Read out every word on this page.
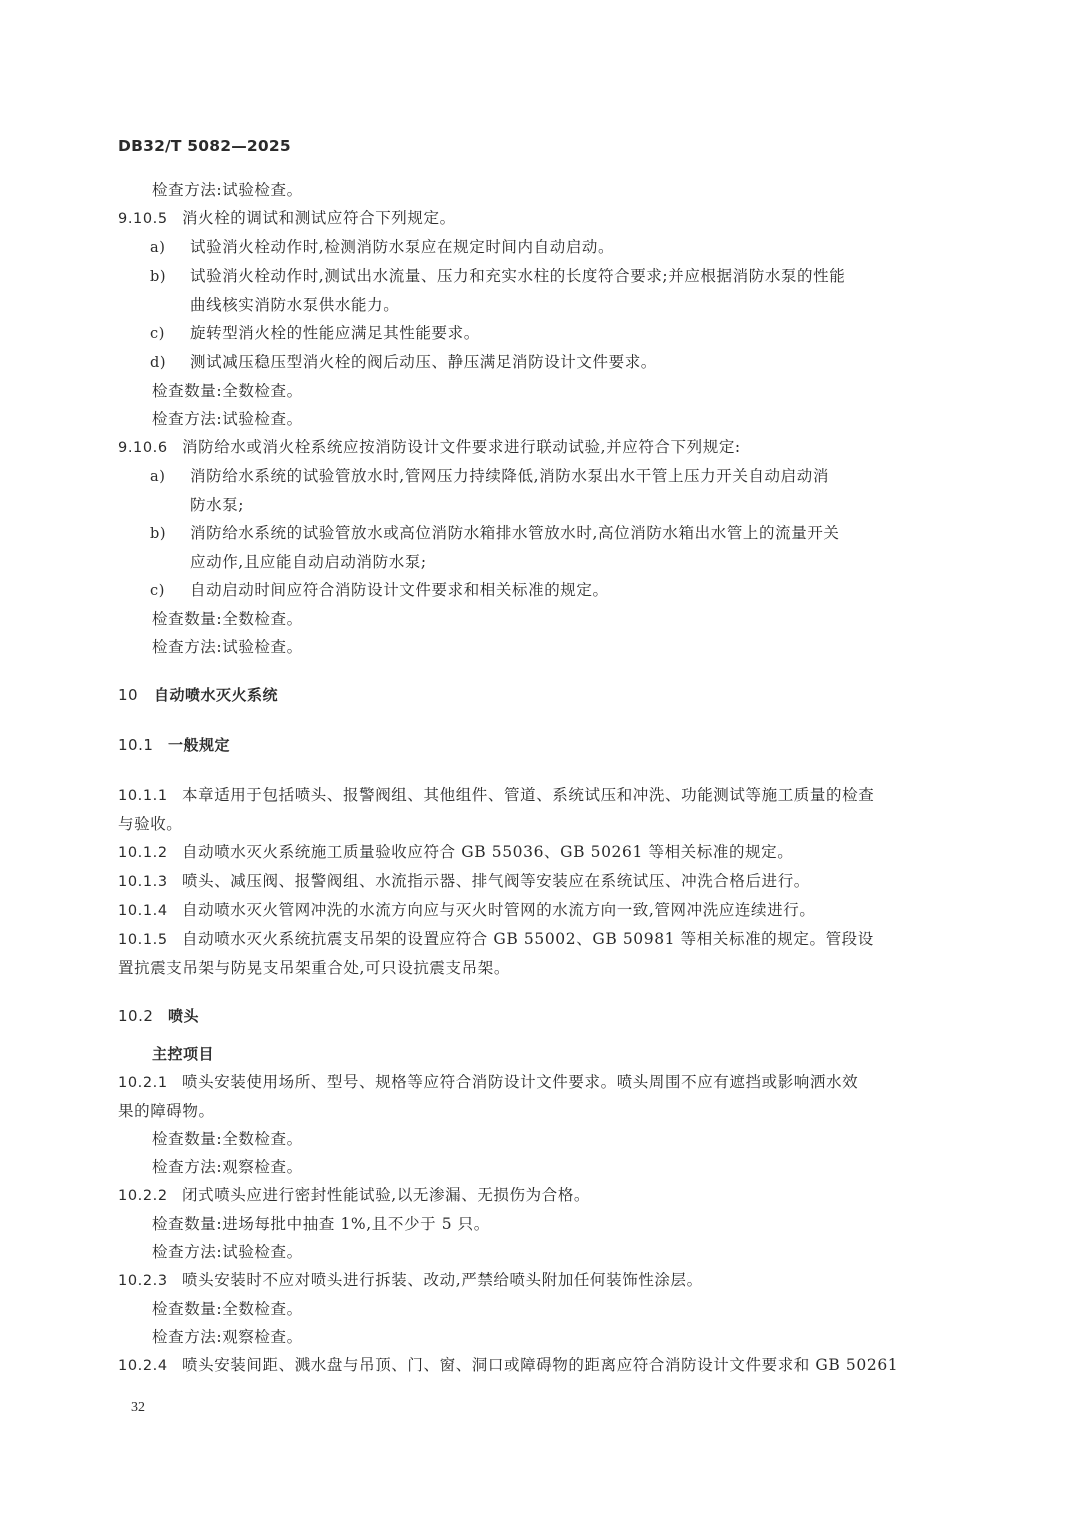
DB32/T 5082—2025
检查方法:试验检查。
9.10.5 消火栓的调试和测试应符合下列规定。
a) 试验消火栓动作时,检测消防水泵应在规定时间内自动启动。
b) 试验消火栓动作时,测试出水流量、压力和充实水柱的长度符合要求;并应根据消防水泵的性能
曲线核实消防水泵供水能力。
c) 旋转型消火栓的性能应满足其性能要求。
d) 测试减压稳压型消火栓的阀后动压、静压满足消防设计文件要求。
检查数量:全数检查。
检查方法:试验检查。
9.10.6 消防给水或消火栓系统应按消防设计文件要求进行联动试验,并应符合下列规定:
a) 消防给水系统的试验管放水时,管网压力持续降低,消防水泵出水干管上压力开关自动启动消
防水泵;
b) 消防给水系统的试验管放水或高位消防水箱排水管放水时,高位消防水箱出水管上的流量开关
应动作,且应能自动启动消防水泵;
c) 自动启动时间应符合消防设计文件要求和相关标准的规定。
检查数量:全数检查。
检查方法:试验检查。
10 自动喷水灭火系统
10.1 一般规定
10.1.1 本章适用于包括喷头、报警阀组、其他组件、管道、系统试压和冲洗、功能测试等施工质量的检查
与验收。
10.1.2 自动喷水灭火系统施工质量验收应符合 GB 55036、GB 50261 等相关标准的规定。
10.1.3 喷头、减压阀、报警阀组、水流指示器、排气阀等安装应在系统试压、冲洗合格后进行。
10.1.4 自动喷水灭火管网冲洗的水流方向应与灭火时管网的水流方向一致,管网冲洗应连续进行。
10.1.5 自动喷水灭火系统抗震支吊架的设置应符合 GB 55002、GB 50981 等相关标准的规定。管段设
置抗震支吊架与防晃支吊架重合处,可只设抗震支吊架。
10.2 喷头
主控项目
10.2.1 喷头安装使用场所、型号、规格等应符合消防设计文件要求。喷头周围不应有遮挡或影响洒水效
果的障碍物。
检查数量:全数检查。
检查方法:观察检查。
10.2.2 闭式喷头应进行密封性能试验,以无渗漏、无损伤为合格。
检查数量:进场每批中抽查 1%,且不少于 5 只。
检查方法:试验检查。
10.2.3 喷头安装时不应对喷头进行拆装、改动,严禁给喷头附加任何装饰性涂层。
检查数量:全数检查。
检查方法:观察检查。
10.2.4 喷头安装间距、溅水盘与吊顶、门、窗、洞口或障碍物的距离应符合消防设计文件要求和 GB 50261
32
